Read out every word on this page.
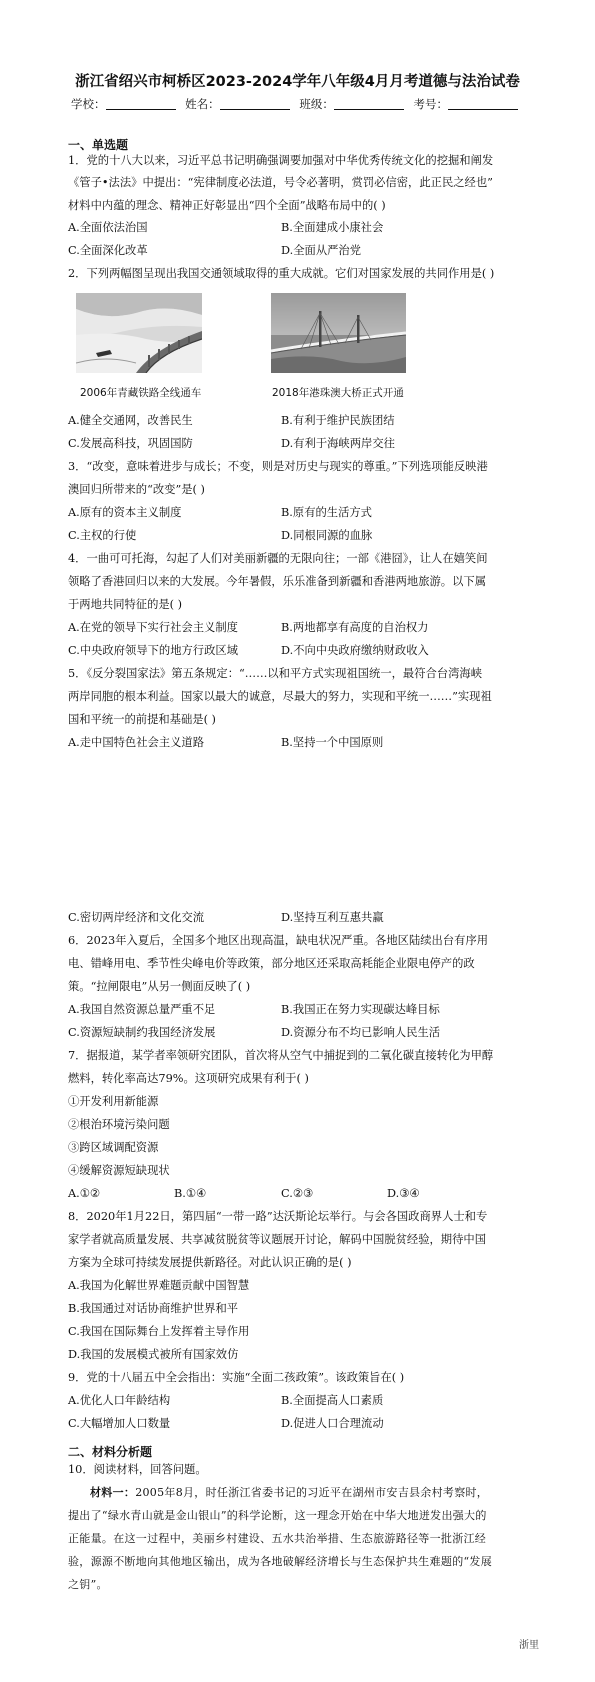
浙江省绍兴市柯桥区2023-2024学年八年级4月月考道德与法治试卷
学校：	姓名：	班级：	考号：
一、单选题
1．党的十八大以来，习近平总书记明确强调要加强对中华优秀传统文化的挖掘和阐发
《管子•法法》中提出：“宪律制度必法道，号令必著明，赏罚必信密，此正民之经也”
材料中内蕴的理念、精神正好彰显出“四个全面”战略布局中的( )
A.全面依法治国	B.全面建成小康社会
C.全面深化改革	D.全面从严治党
2．下列两幅图呈现出我国交通领域取得的重大成就。它们对国家发展的共同作用是( )
2006年青藏铁路全线通车	2018年港珠澳大桥正式开通
A.健全交通网，改善民生	B.有利于维护民族团结
C.发展高科技，巩固国防	D.有利于海峡两岸交往
3．“改变，意味着进步与成长；不变，则是对历史与现实的尊重。”下列选项能反映港
澳回归所带来的“改变”是( )
A.原有的资本主义制度	B.原有的生活方式
C.主权的行使	D.同根同源的血脉
4．一曲可可托海，勾起了人们对美丽新疆的无限向往；一部《港囧》，让人在嬉笑间
领略了香港回归以来的大发展。今年暑假，乐乐准备到新疆和香港两地旅游。以下属
于两地共同特征的是( )
A.在党的领导下实行社会主义制度	B.两地都享有高度的自治权力
C.中央政府领导下的地方行政区域	D.不向中央政府缴纳财政收入
5．《反分裂国家法》第五条规定：“……以和平方式实现祖国统一，最符合台湾海峡
两岸同胞的根本利益。国家以最大的诚意，尽最大的努力，实现和平统一……”实现祖
国和平统一的前提和基础是( )
A.走中国特色社会主义道路	B.坚持一个中国原则
C.密切两岸经济和文化交流	D.坚持互利互惠共赢
6．2023年入夏后，全国多个地区出现高温，缺电状况严重。各地区陆续出台有序用
电、错峰用电、季节性尖峰电价等政策，部分地区还采取高耗能企业限电停产的政
策。“拉闸限电”从另一侧面反映了( )
A.我国自然资源总量严重不足	B.我国正在努力实现碳达峰目标
C.资源短缺制约我国经济发展	D.资源分布不均已影响人民生活
7．据报道，某学者率领研究团队，首次将从空气中捕捉到的二氧化碳直接转化为甲醇
燃料，转化率高达79%。这项研究成果有利于( )
①开发利用新能源
②根治环境污染问题
③跨区域调配资源
④缓解资源短缺现状
A.①②	B.①④	C.②③	D.③④
8．2020年1月22日，第四届“一带一路”达沃斯论坛举行。与会各国政商界人士和专
家学者就高质量发展、共享减贫脱贫等议题展开讨论，解码中国脱贫经验，期待中国
方案为全球可持续发展提供新路径。对此认识正确的是( )
A.我国为化解世界难题贡献中国智慧
B.我国通过对话协商维护世界和平
C.我国在国际舞台上发挥着主导作用
D.我国的发展模式被所有国家效仿
9．党的十八届五中全会指出：实施“全面二孩政策”。该政策旨在( )
A.优化人口年龄结构	B.全面提高人口素质
C.大幅增加人口数量	D.促进人口合理流动
二、材料分析题
10．阅读材料，回答问题。
材料一：2005年8月，时任浙江省委书记的习近平在湖州市安吉县余村考察时，
提出了“绿水青山就是金山银山”的科学论断，这一理念开始在中华大地迸发出强大的
正能量。在这一过程中，美丽乡村建设、五水共治举措、生态旅游路径等一批浙江经
验，源源不断地向其他地区输出，成为各地破解经济增长与生态保护共生难题的“发展
之钥”。
浙里
